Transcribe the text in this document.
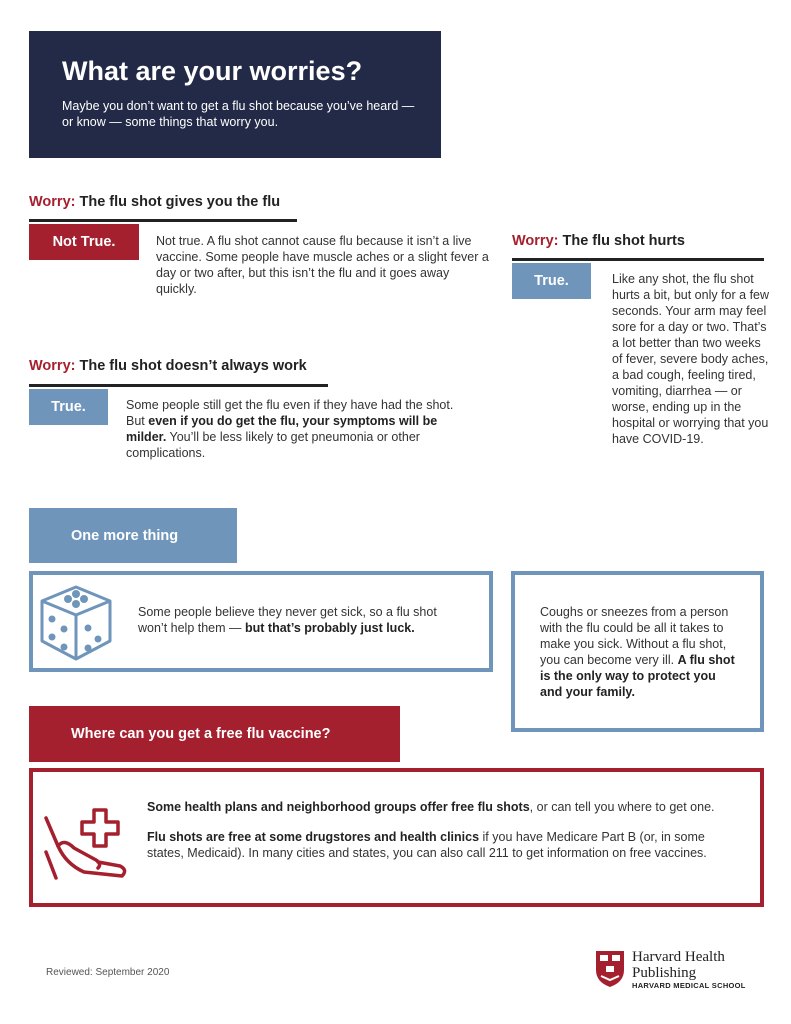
What are your worries?
Maybe you don’t want to get a flu shot because you’ve heard — or know — some things that worry you.
Worry: The flu shot gives you the flu
Not True.	Not true. A flu shot cannot cause flu because it isn’t a live vaccine. Some people have muscle aches or a slight fever a day or two after, but this isn’t the flu and it goes away quickly.
Worry: The flu shot doesn’t always work
True.	Some people still get the flu even if they have had the shot. But even if you do get the flu, your symptoms will be milder. You’ll be less likely to get pneumonia or other complications.
Worry: The flu shot hurts
True.	Like any shot, the flu shot hurts a bit, but only for a few seconds. Your arm may feel sore for a day or two. That’s a lot better than two weeks of fever, severe body aches, a bad cough, feeling tired, vomiting, diarrhea — or worse, ending up in the hospital or worrying that you have COVID-19.
One more thing
Some people believe they never get sick, so a flu shot won’t help them — but that’s probably just luck.
Coughs or sneezes from a person with the flu could be all it takes to make you sick. Without a flu shot, you can become very ill. A flu shot is the only way to protect you and your family.
Where can you get a free flu vaccine?
Some health plans and neighborhood groups offer free flu shots, or can tell you where to get one.
Flu shots are free at some drugstores and health clinics if you have Medicare Part B (or, in some states, Medicaid). In many cities and states, you can also call 211 to get information on free vaccines.
Reviewed: September 2020
Harvard Health
Publishing
HARVARD MEDICAL SCHOOL
